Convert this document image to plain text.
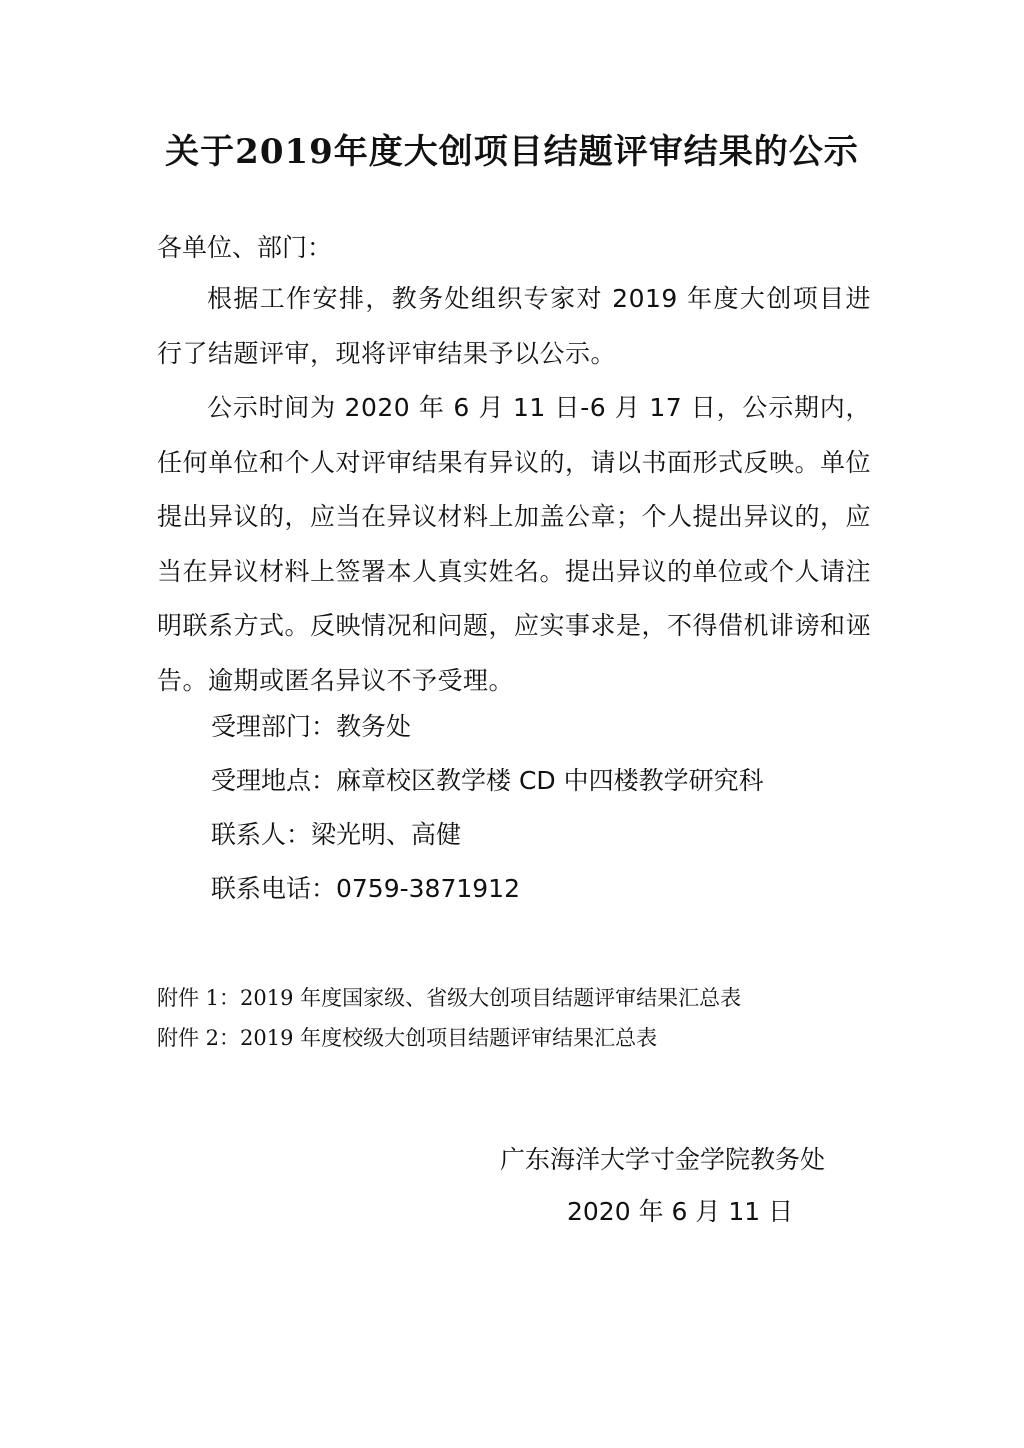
关于2019年度大创项目结题评审结果的公示
各单位、部门：

根据工作安排，教务处组织专家对 2019 年度大创项目进行了结题评审，现将评审结果予以公示。

公示时间为 2020 年 6 月 11 日-6 月 17 日，公示期内，任何单位和个人对评审结果有异议的，请以书面形式反映。单位提出异议的，应当在异议材料上加盖公章；个人提出异议的，应当在异议材料上签署本人真实姓名。提出异议的单位或个人请注明联系方式。反映情况和问题，应实事求是，不得借机诽谤和诬告。逾期或匿名异议不予受理。

受理部门：教务处
受理地点：麻章校区教学楼 CD 中四楼教学研究科
联系人：梁光明、高健
联系电话：0759-3871912
附件 1：2019 年度国家级、省级大创项目结题评审结果汇总表
附件 2：2019 年度校级大创项目结题评审结果汇总表
广东海洋大学寸金学院教务处
2020 年 6 月 11 日
